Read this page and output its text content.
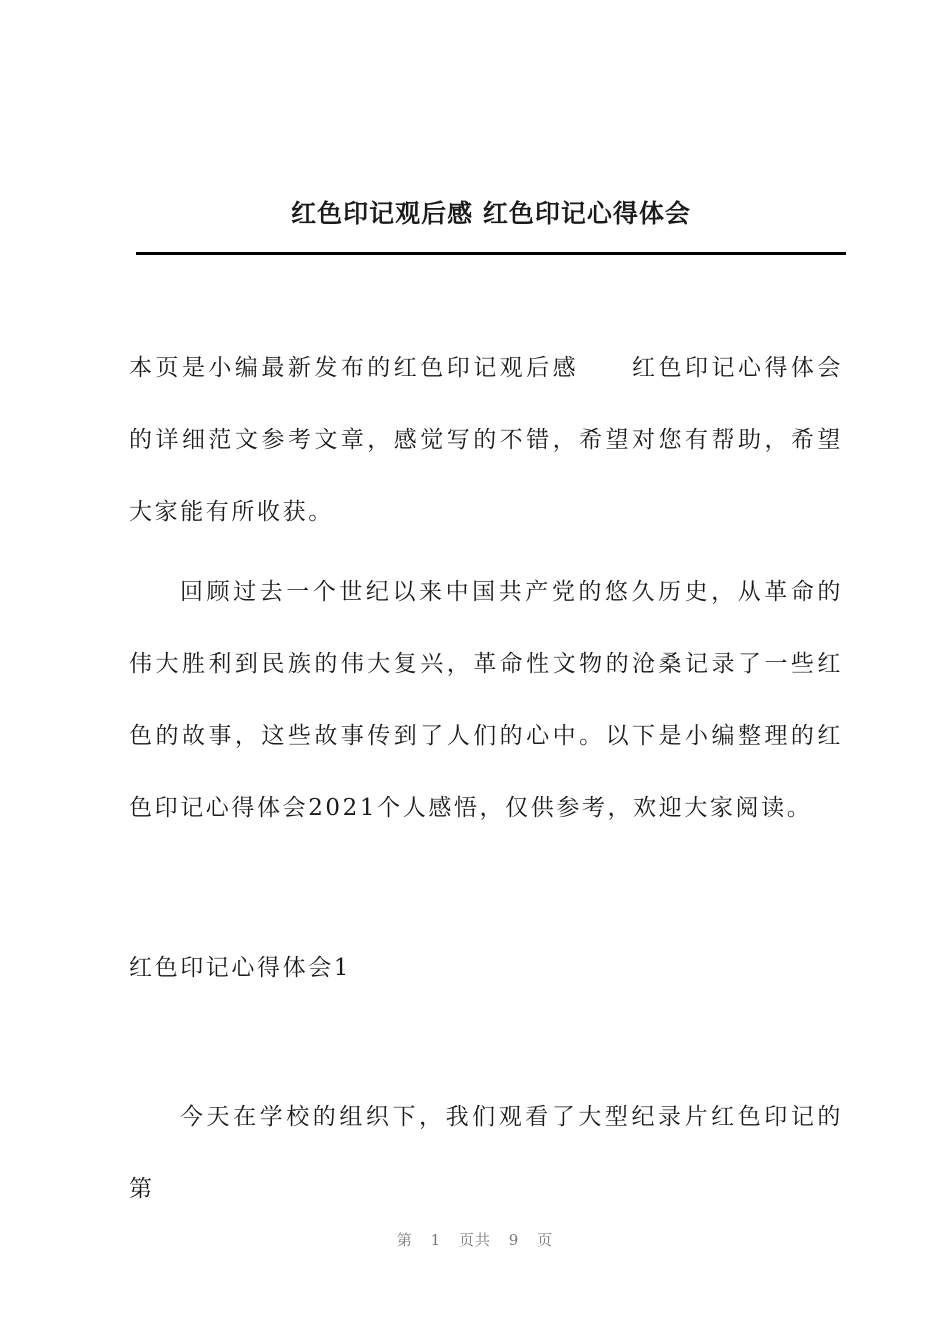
红色印记观后感 红色印记心得体会

本页是小编最新发布的红色印记观后感　　红色印记心得体会的详细范文参考文章，感觉写的不错，希望对您有帮助，希望大家能有所收获。

回顾过去一个世纪以来中国共产党的悠久历史，从革命的伟大胜利到民族的伟大复兴，革命性文物的沧桑记录了一些红色的故事，这些故事传到了人们的心中。以下是小编整理的红色印记心得体会2021个人感悟，仅供参考，欢迎大家阅读。

红色印记心得体会1

今天在学校的组织下，我们观看了大型纪录片红色印记的第

第 1 页共 9 页
